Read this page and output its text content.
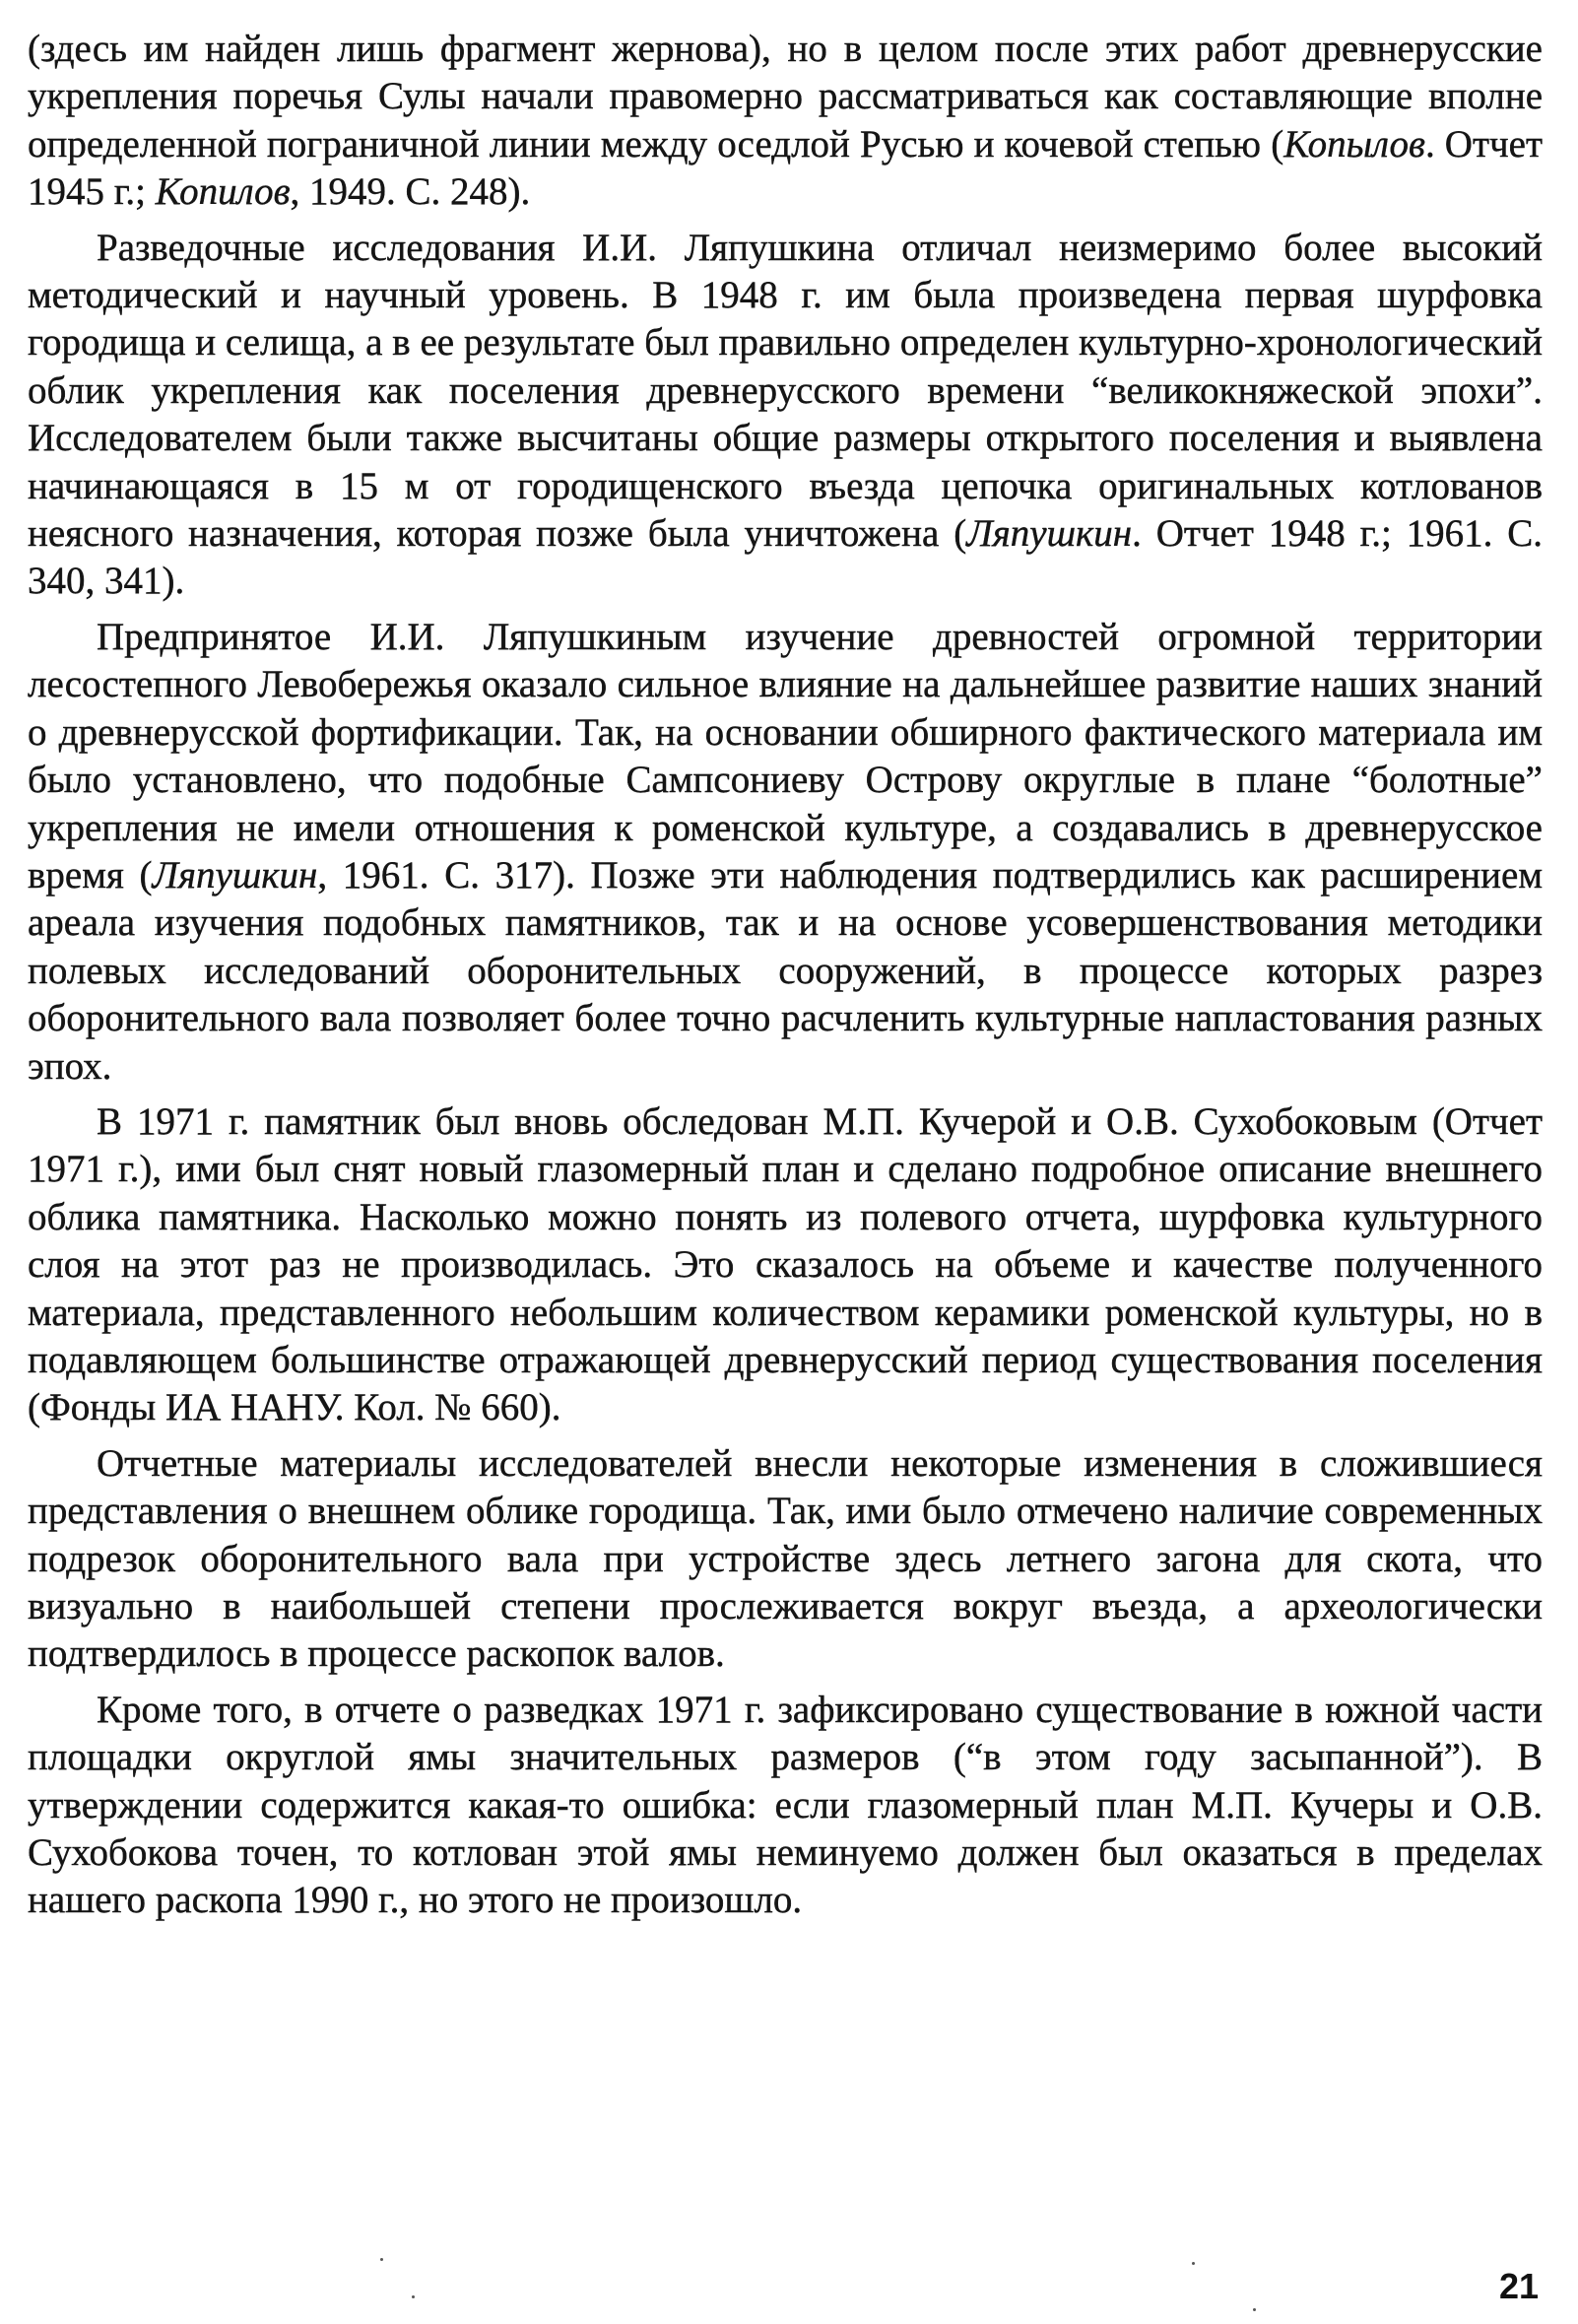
(здесь им найден лишь фрагмент жернова), но в целом после этих работ древнерусские укрепления поречья Сулы начали правомерно рассматриваться как составляющие вполне определенной пограничной линии между оседлой Русью и кочевой степью (Копылов. Отчет 1945 г.; Копилов, 1949. С. 248).

Разведочные исследования И.И. Ляпушкина отличал неизмеримо более высокий методический и научный уровень. В 1948 г. им была произведена первая шурфовка городища и селища, а в ее результате был правильно определен культурно-хронологический облик укрепления как поселения древнерусского времени “великокняжеской эпохи”. Исследователем были также высчитаны общие размеры открытого поселения и выявлена начинающаяся в 15 м от городищенского въезда цепочка оригинальных котлованов неясного назначения, которая позже была уничтожена (Ляпушкин. Отчет 1948 г.; 1961. С. 340, 341).

Предпринятое И.И. Ляпушкиным изучение древностей огромной территории лесостепного Левобережья оказало сильное влияние на дальнейшее развитие наших знаний о древнерусской фортификации. Так, на основании обширного фактического материала им было установлено, что подобные Сампсониеву Острову округлые в плане “болотные” укрепления не имели отношения к роменской культуре, а создавались в древнерусское время (Ляпушкин, 1961. С. 317). Позже эти наблюдения подтвердились как расширением ареала изучения подобных памятников, так и на основе усовершенствования методики полевых исследований оборонительных сооружений, в процессе которых разрез оборонительного вала позволяет более точно расчленить культурные напластования разных эпох.

В 1971 г. памятник был вновь обследован М.П. Кучерой и О.В. Сухобоковым (Отчет 1971 г.), ими был снят новый глазомерный план и сделано подробное описание внешнего облика памятника. Насколько можно понять из полевого отчета, шурфовка культурного слоя на этот раз не производилась. Это сказалось на объеме и качестве полученного материала, представленного небольшим количеством керамики роменской культуры, но в подавляющем большинстве отражающей древнерусский период существования поселения (Фонды ИА НАНУ. Кол. № 660).

Отчетные материалы исследователей внесли некоторые изменения в сложившиеся представления о внешнем облике городища. Так, ими было отмечено наличие современных подрезок оборонительного вала при устройстве здесь летнего загона для скота, что визуально в наибольшей степени прослеживается вокруг въезда, а археологически подтвердилось в процессе раскопок валов.

Кроме того, в отчете о разведках 1971 г. зафиксировано существование в южной части площадки округлой ямы значительных размеров (“в этом году засыпанной”). В утверждении содержится какая-то ошибка: если глазомерный план М.П. Кучеры и О.В. Сухобокова точен, то котлован этой ямы неминуемо должен был оказаться в пределах нашего раскопа 1990 г., но этого не произошло.

21
